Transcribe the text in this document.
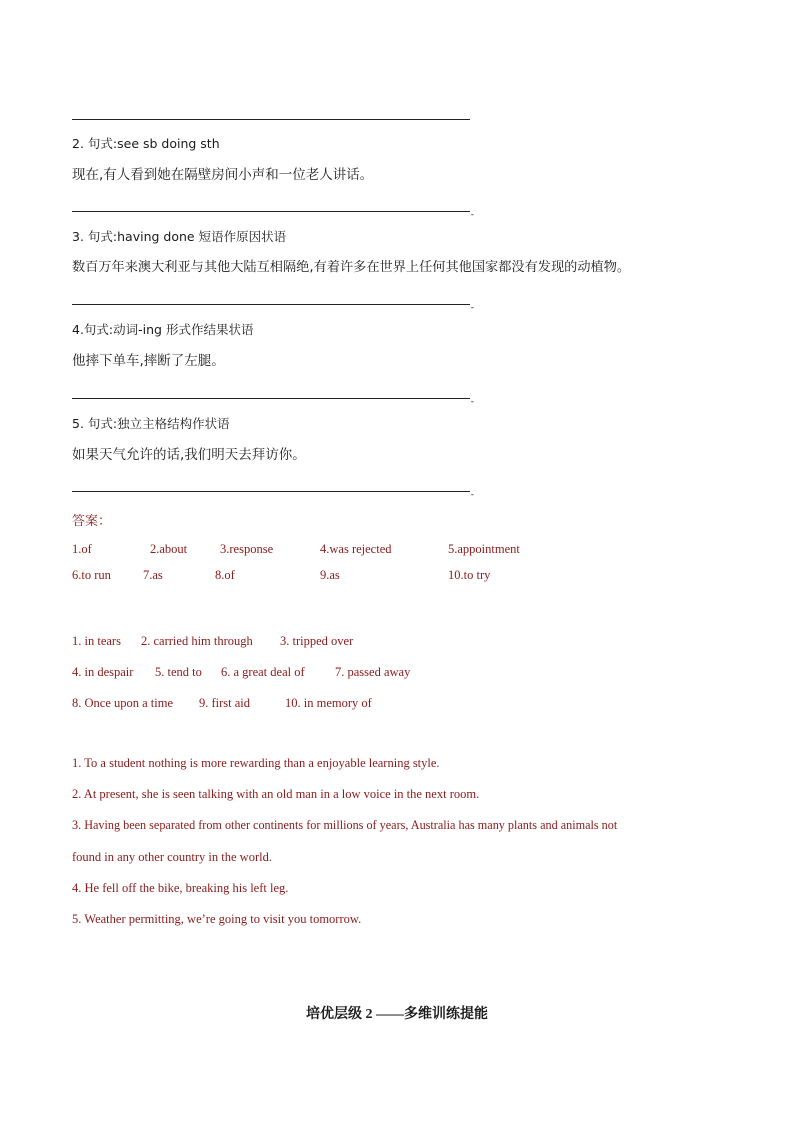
2. 句式:see sb doing sth
现在,有人看到她在隔壁房间小声和一位老人讲话。
-
3. 句式:having done 短语作原因状语
数百万年来澳大利亚与其他大陆互相隔绝,有着许多在世界上任何其他国家都没有发现的动植物。
-
4.句式:动词-ing 形式作结果状语
他摔下单车,摔断了左腿。
-
5. 句式:独立主格结构作状语
如果天气允许的话,我们明天去拜访你。
-
答案：
1.of	2.about	3.response	4.was rejected	5.appointment
6.to run	7.as	8.of	9.as	10.to try
1. in tears 2. carried him through 3. tripped over
4. in despair 5. tend to 6. a great deal of 7. passed away
8. Once upon a time 9. first aid	10. in memory of
1. To a student nothing is more rewarding than a enjoyable learning style.
2. At present, she is seen talking with an old man in a low voice in the next room.
3. Having been separated from other continents for millions of years, Australia has many plants and animals not
found in any other country in the world.
4. He fell off the bike, breaking his left leg.
5. Weather permitting, we’re going to visit you tomorrow.
培优层级 2 ——多维训练提能
